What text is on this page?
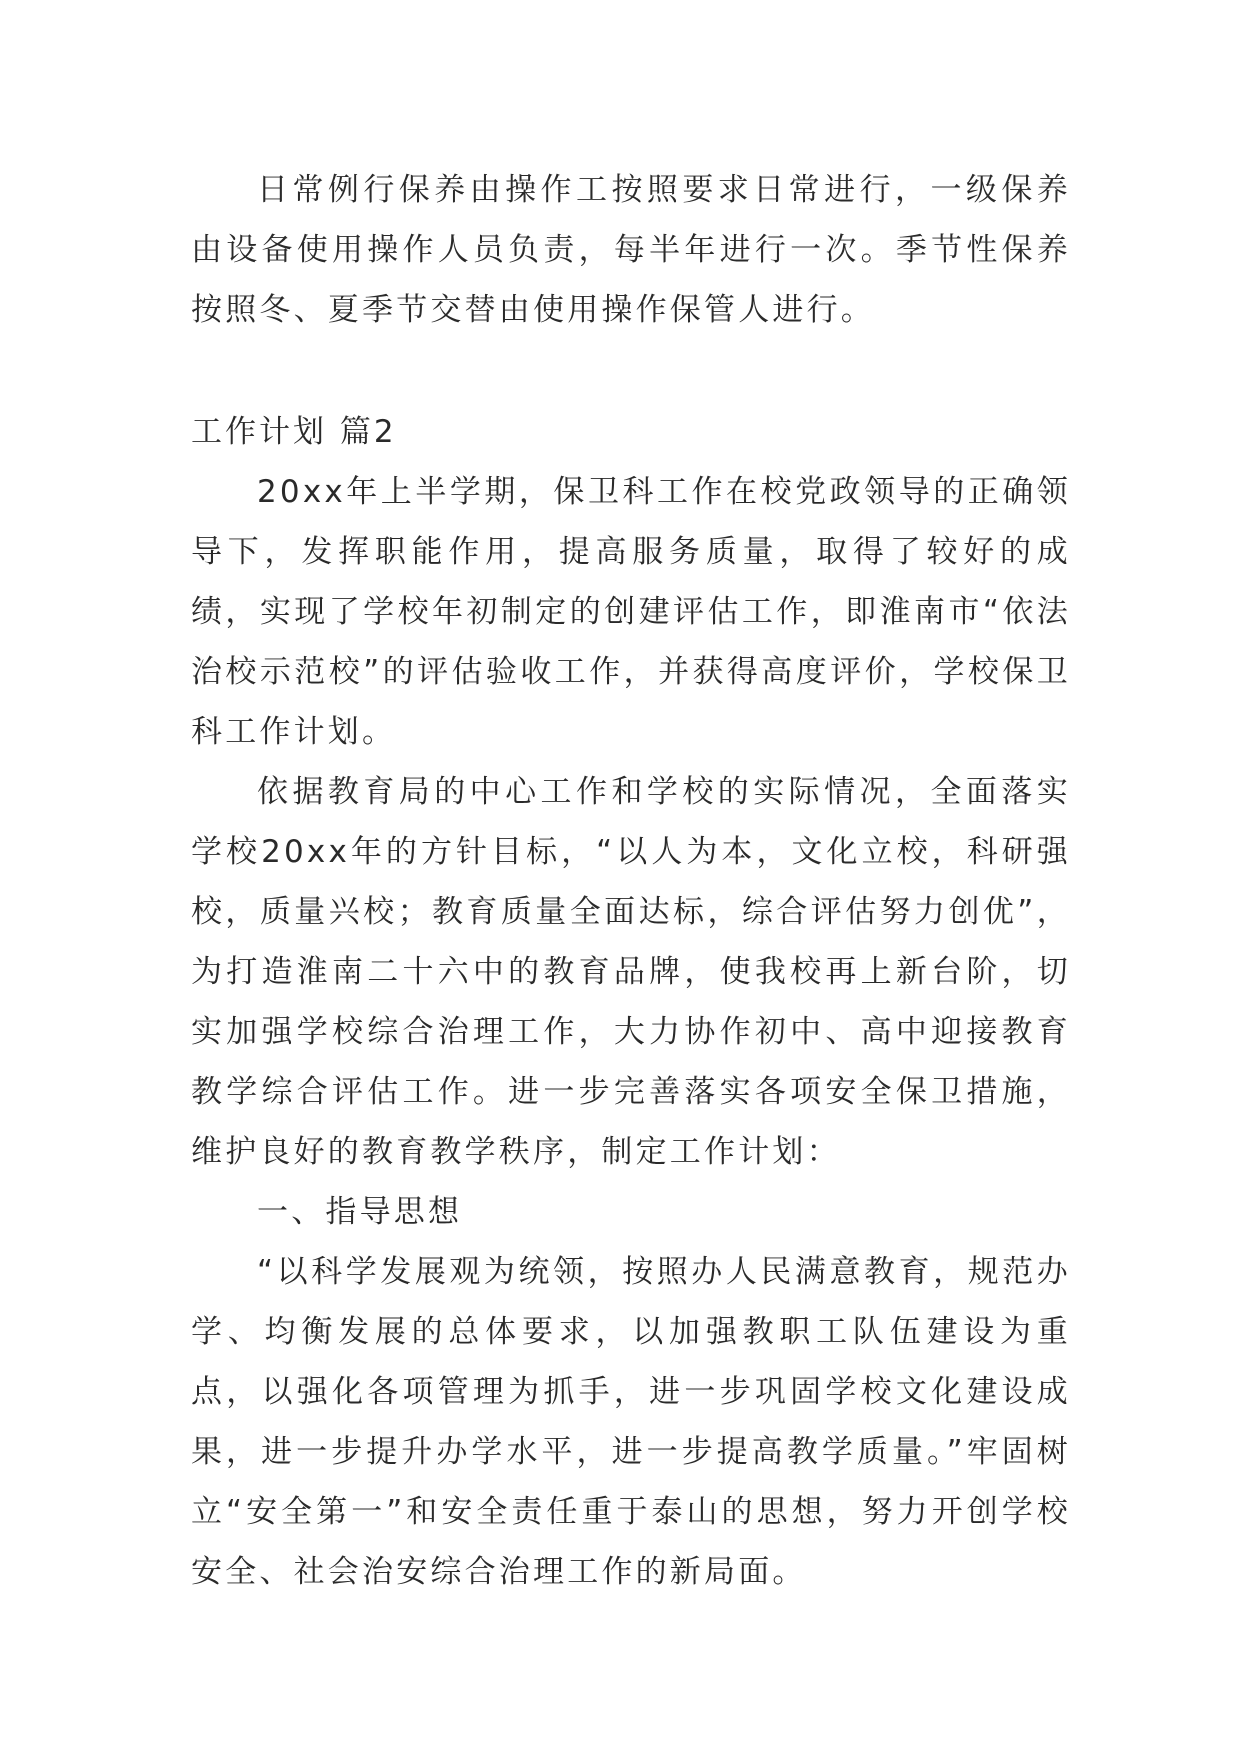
日常例行保养由操作工按照要求日常进行，一级保养由设备使用操作人员负责，每半年进行一次。季节性保养按照冬、夏季节交替由使用操作保管人进行。

工作计划 篇2

20xx年上半学期，保卫科工作在校党政领导的正确领导下，发挥职能作用，提高服务质量，取得了较好的成绩，实现了学校年初制定的创建评估工作，即淮南市“依法治校示范校”的评估验收工作，并获得高度评价，学校保卫科工作计划。

依据教育局的中心工作和学校的实际情况，全面落实学校20xx年的方针目标，“以人为本，文化立校，科研强校，质量兴校；教育质量全面达标，综合评估努力创优”，为打造淮南二十六中的教育品牌，使我校再上新台阶，切实加强学校综合治理工作，大力协作初中、高中迎接教育教学综合评估工作。进一步完善落实各项安全保卫措施，维护良好的教育教学秩序，制定工作计划：

一、指导思想

“以科学发展观为统领，按照办人民满意教育，规范办学、均衡发展的总体要求，以加强教职工队伍建设为重点，以强化各项管理为抓手，进一步巩固学校文化建设成果，进一步提升办学水平，进一步提高教学质量。”牢固树立“安全第一”和安全责任重于泰山的思想，努力开创学校安全、社会治安综合治理工作的新局面。
